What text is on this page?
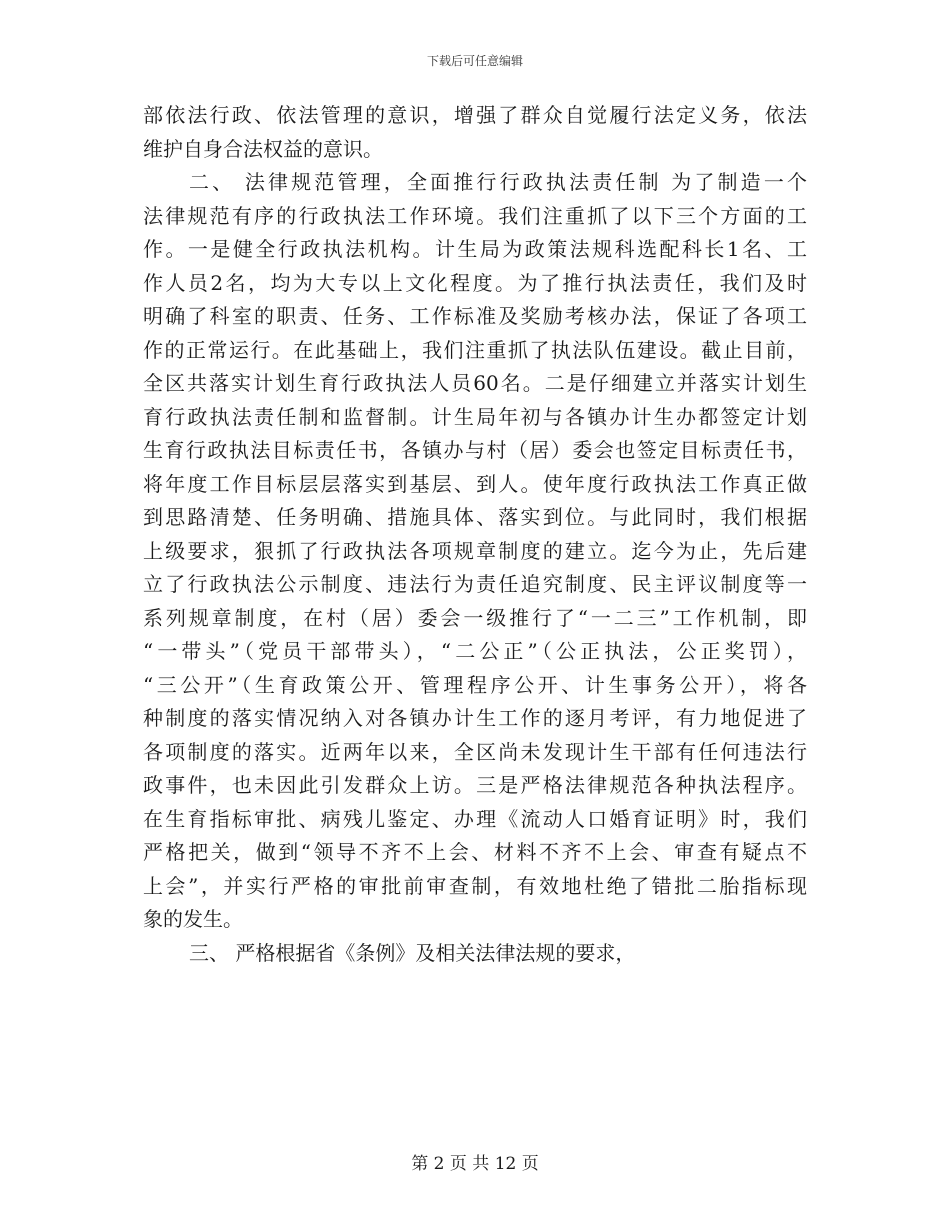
下载后可任意编辑
部依法行政、依法管理的意识，增强了群众自觉履行法定义务，依法
维护自身合法权益的意识。
二、 法律规范管理，全面推行行政执法责任制 为了制造一个
法律规范有序的行政执法工作环境。我们注重抓了以下三个方面的工
作。一是健全行政执法机构。计生局为政策法规科选配科长1名、工
作人员2名，均为大专以上文化程度。为了推行执法责任，我们及时
明确了科室的职责、任务、工作标准及奖励考核办法，保证了各项工
作的正常运行。在此基础上，我们注重抓了执法队伍建设。截止目前，
全区共落实计划生育行政执法人员60名。二是仔细建立并落实计划生
育行政执法责任制和监督制。计生局年初与各镇办计生办都签定计划
生育行政执法目标责任书，各镇办与村（居）委会也签定目标责任书，
将年度工作目标层层落实到基层、到人。使年度行政执法工作真正做
到思路清楚、任务明确、措施具体、落实到位。与此同时，我们根据
上级要求，狠抓了行政执法各项规章制度的建立。迄今为止，先后建
立了行政执法公示制度、违法行为责任追究制度、民主评议制度等一
系列规章制度，在村（居）委会一级推行了“一二三”工作机制，即
“一带头”（党员干部带头），“二公正”（公正执法，公正奖罚），
“三公开”（生育政策公开、管理程序公开、计生事务公开），将各
种制度的落实情况纳入对各镇办计生工作的逐月考评，有力地促进了
各项制度的落实。近两年以来，全区尚未发现计生干部有任何违法行
政事件，也未因此引发群众上访。三是严格法律规范各种执法程序。
在生育指标审批、病残儿鉴定、办理《流动人口婚育证明》时，我们
严格把关，做到“领导不齐不上会、材料不齐不上会、审查有疑点不
上会”，并实行严格的审批前审查制，有效地杜绝了错批二胎指标现
象的发生。
三、 严格根据省《条例》及相关法律法规的要求，
第 2 页 共 12 页
